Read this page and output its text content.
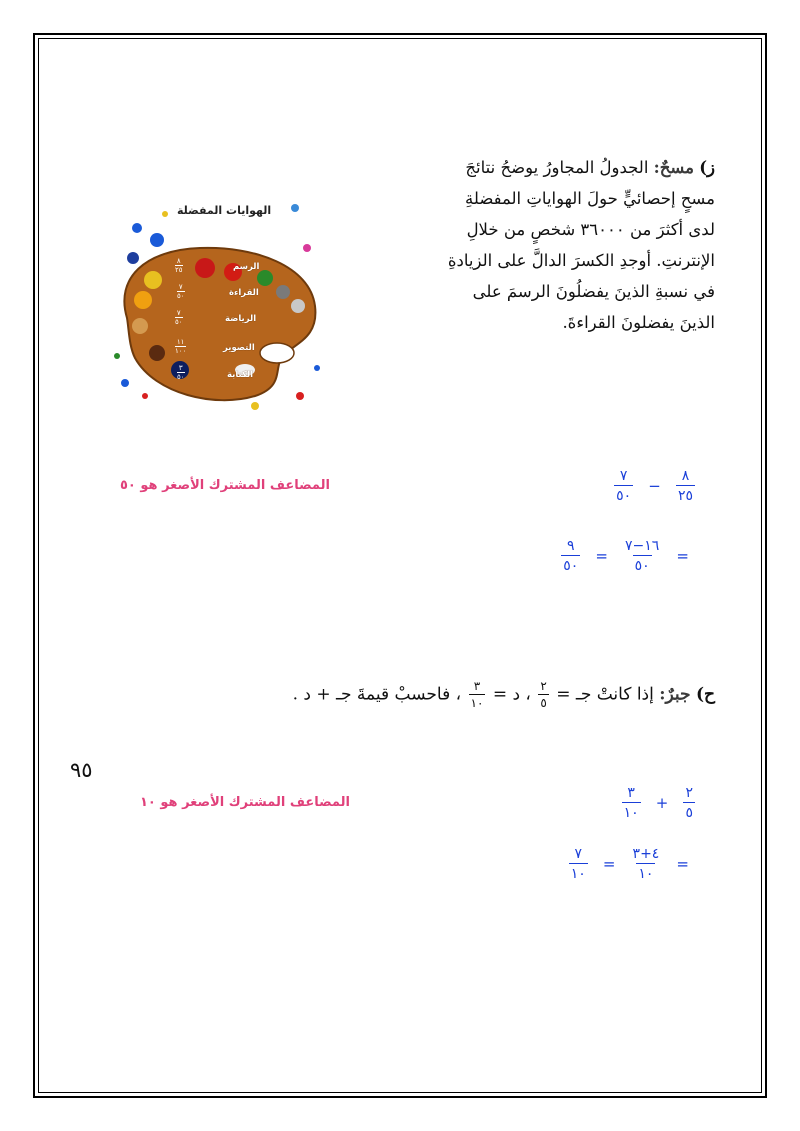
ز) مسحٌ: الجدولُ المجاورُ يوضحُ نتائجَ

مسحٍ إحصائيٍّ حولَ الهواياتِ المفضلةِ

لدى أكثرَ من ٣٦٠٠٠ شخصٍ من خلالِ

الإنترنتِ. أوجدِ الكسرَ الدالَّ على الزيادةِ

في نسبةِ الذينَ يفضلُونَ الرسمَ على

الذينَ يفضلونَ القراءةَ.

الهوايات المفضلة
الرسم
٨
٢٥
القراءة
٧
٥٠
الرياضة
٧
٥٠
التصوير
١١
١٠٠
الكتابة
٣
٥٠
المضاعف المشترك الأصغر هو ٥٠	$\frac{٨}{٢٥}$
−
$\frac{٧}{٥٠}$
=
$\frac{١٦-٧}{٥٠}$
=
$\frac{٩}{٥٠}$
ح) جبرٌ: إذا كانتْ جـ =
$\frac{٢}{٥}$
، د =
$\frac{٣}{١٠}$
، فاحسبْ قيمةَ جـ + د .
المضاعف المشترك الأصغر هو ١٠	$\frac{٢}{٥}$
+
$\frac{٣}{١٠}$
=
$\frac{٤+٣}{١٠}$
=
$\frac{٧}{١٠}$
٩٥
